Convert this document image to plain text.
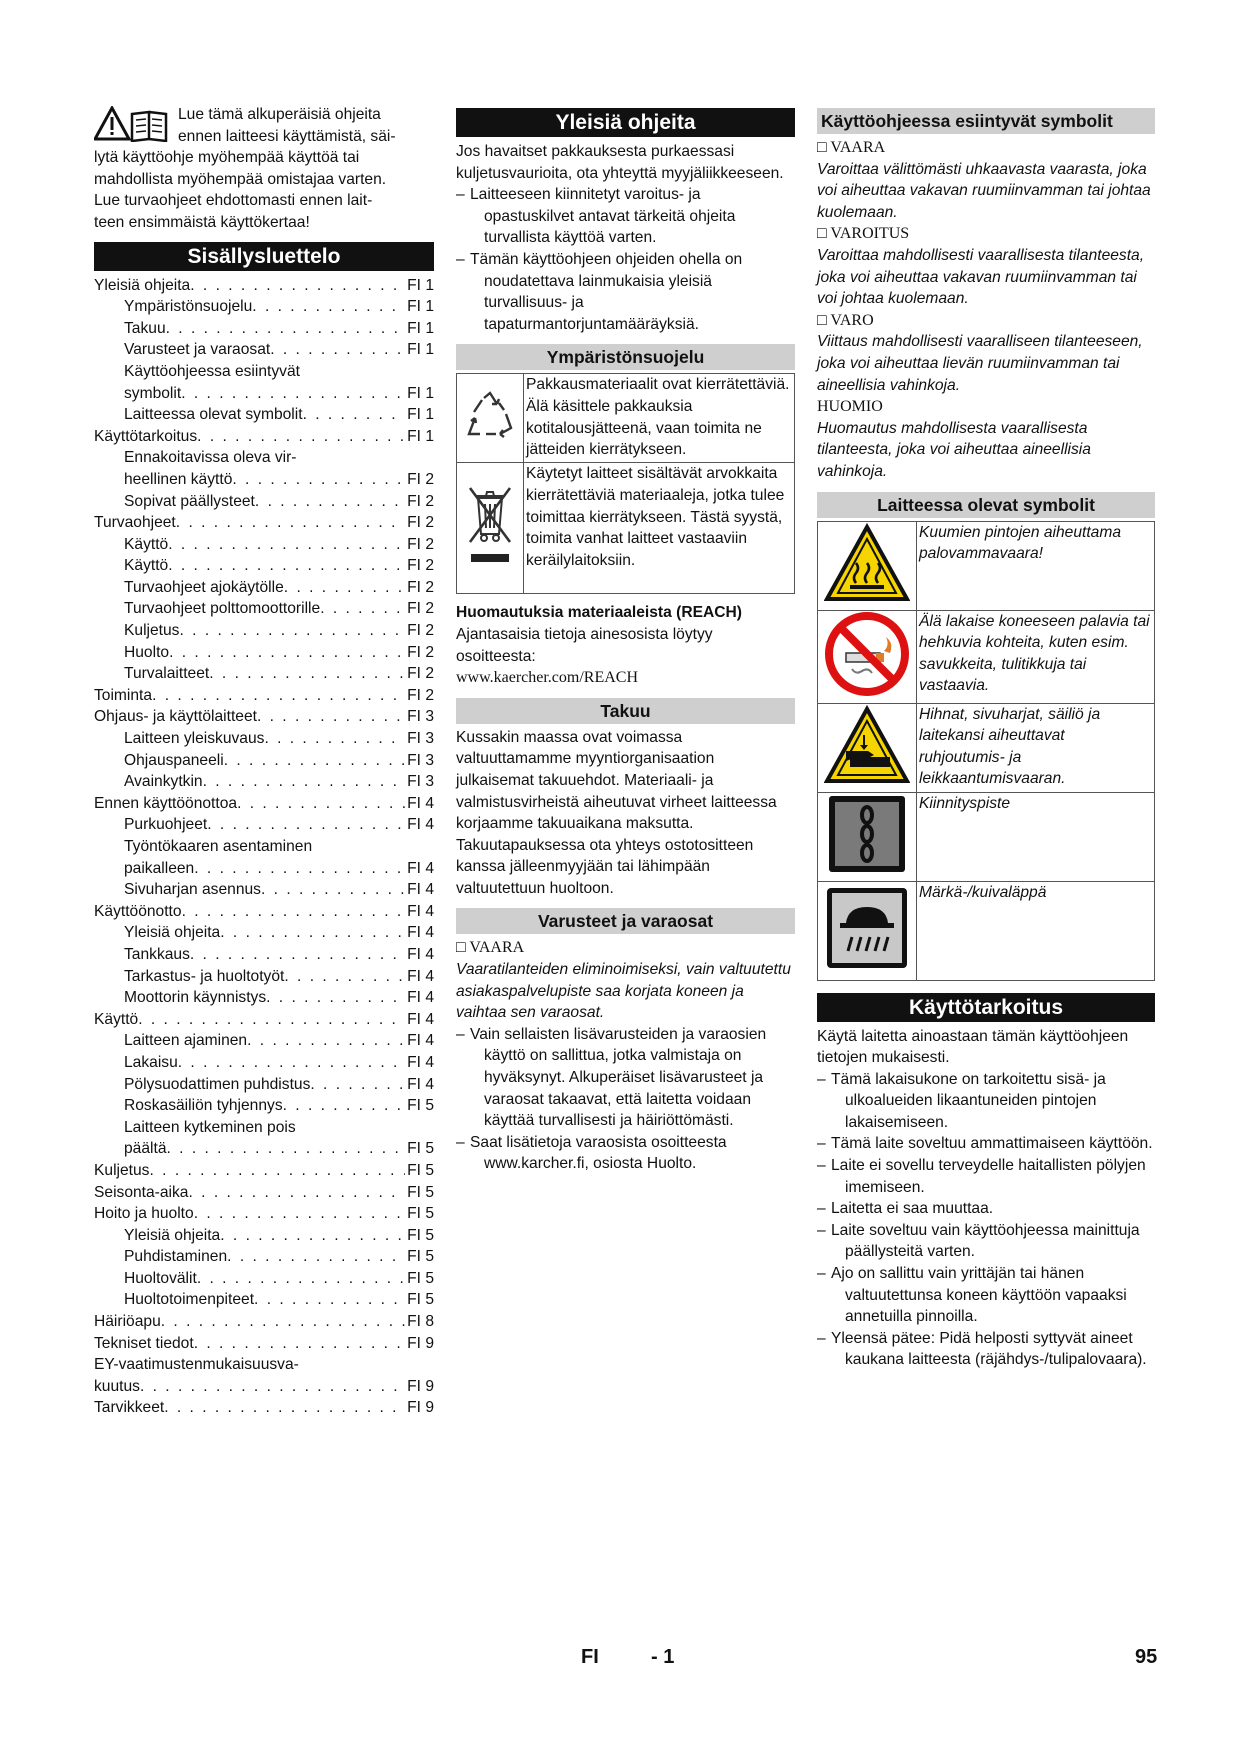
Lue tämä alkuperäisiä ohjeita
ennen laitteesi käyttämistä, säi-
lytä käyttöohje myöhempää käyttöä tai
mahdollista myöhempää omistajaa varten.
Lue turvaohjeet ehdottomasti ennen lait-
teen ensimmäistä käyttökertaa!
Sisällysluettelo
Yleisiä ohjeita . . .	FI 1
Ympäristönsuojelu . . .	FI 1
Takuu . . .	FI 1
Varusteet ja varaosat . . .	FI 1
Käyttöohjeessa esiintyvät
symbolit . . .	FI 1
Laitteessa olevat symbolit . . .	FI 1
Käyttötarkoitus . . .	FI 1
Ennakoitavissa oleva vir-
heellinen käyttö . . .	FI 2
Sopivat päällysteet . . .	FI 2
Turvaohjeet . . .	FI 2
Käyttö . . .	FI 2
Käyttö . . .	FI 2
Turvaohjeet ajokäytölle . . .	FI 2
Turvaohjeet polttomoottorille . . .	FI 2
Kuljetus . . .	FI 2
Huolto . . .	FI 2
Turvalaitteet . . .	FI 2
Toiminta . . .	FI 2
Ohjaus- ja käyttölaitteet . . .	FI 3
Laitteen yleiskuvaus . . .	FI 3
Ohjauspaneeli . . .	FI 3
Avainkytkin . . .	FI 3
Ennen käyttöönottoa . . .	FI 4
Purkuohjeet . . .	FI 4
Työntökaaren asentaminen
paikalleen . . .	FI 4
Sivuharjan asennus . . .	FI 4
Käyttöönotto . . .	FI 4
Yleisiä ohjeita . . .	FI 4
Tankkaus . . .	FI 4
Tarkastus- ja huoltotyöt . . .	FI 4
Moottorin käynnistys . . .	FI 4
Käyttö . . .	FI 4
Laitteen ajaminen . . .	FI 4
Lakaisu . . .	FI 4
Pölysuodattimen puhdistus . . .	FI 4
Roskasäiliön tyhjennys . . .	FI 5
Laitteen kytkeminen pois
päältä . . .	FI 5
Kuljetus . . .	FI 5
Seisonta-aika . . .	FI 5
Hoito ja huolto . . .	FI 5
Yleisiä ohjeita . . .	FI 5
Puhdistaminen . . .	FI 5
Huoltovälit . . .	FI 5
Huoltotoimenpiteet . . .	FI 5
Häiriöapu . . .	FI 8
Tekniset tiedot . . .	FI 9
EY-vaatimustenmukaisuusva-
kuutus . . .	FI 9
Tarvikkeet . . .	FI 9
Yleisiä ohjeita

Jos havaitset pakkauksesta purkaessasi kuljetusvaurioita, ota yhteyttä myyjäliikkeeseen.

– Laitteeseen kiinnitetyt varoitus- ja opastuskilvet antavat tärkeitä ohjeita turvallista käyttöä varten.
– Tämän käyttöohjeen ohjeiden ohella on noudatettava lainmukaisia yleisiä turvallisuus- ja tapaturmantorjuntamääräyksiä.
Ympäristönsuojelu
	Pakkausmateriaalit ovat kierrätettäviä. Älä käsittele pakkauksia kotitalousjätteenä, vaan toimita ne jätteiden kierrätykseen.
	Käytetyt laitteet sisältävät arvokkaita kierrätettäviä materiaaleja, jotka tulee toimittaa kierrätykseen. Tästä syystä, toimita vanhat laitteet vastaaviin keräilylaitoksiin.

Huomautuksia materiaaleista (REACH)

Ajantasaisia tietoja ainesosista löytyy osoitteesta:

www.kaercher.com/REACH

Takuu

Kussakin maassa ovat voimassa valtuuttamamme myyntiorganisaation julkaisemat takuuehdot. Materiaali- ja valmistusvirheistä aiheutuvat virheet laitteessa korjaamme takuuaikana maksutta. Takuutapauksessa ota yhteys ostotositteen kanssa jälleenmyyjään tai lähimpään valtuutettuun huoltoon.

Varusteet ja varaosat

□ VAARA

Vaaratilanteiden eliminoimiseksi, vain valtuutettu asiakaspalvelupiste saa korjata koneen ja vaihtaa sen varaosat.

– Vain sellaisten lisävarusteiden ja varaosien käyttö on sallittua, jotka valmistaja on hyväksynyt. Alkuperäiset lisävarusteet ja varaosat takaavat, että laitetta voidaan käyttää turvallisesti ja häiriöttömästi.
– Saat lisätietoja varaosista osoitteesta www.karcher.fi, osiosta Huolto.
Käyttöohjeessa esiintyvät symbolit

□ VAARA

Varoittaa välittömästi uhkaavasta vaarasta, joka voi aiheuttaa vakavan ruumiinvamman tai johtaa kuolemaan.

□ VAROITUS

Varoittaa mahdollisesti vaarallisesta tilanteesta, joka voi aiheuttaa vakavan ruumiinvamman tai voi johtaa kuolemaan.

□ VARO

Viittaus mahdollisesti vaaralliseen tilanteeseen, joka voi aiheuttaa lievän ruumiinvamman tai aineellisia vahinkoja.

HUOMIO

Huomautus mahdollisesta vaarallisesta tilanteesta, joka voi aiheuttaa aineellisia vahinkoja.

Laitteessa olevat symbolit
	Kuumien pintojen aiheuttama palovammavaara!
	Älä lakaise koneeseen palavia tai hehkuvia kohteita, kuten esim. savukkeita, tulitikkuja tai vastaavia.
	Hihnat, sivuharjat, säiliö ja laitekansi aiheuttavat ruhjoutumis- ja leikkaantumisvaaran.
	Kiinnityspiste
	Märkä-/kuivaläppä
Käyttötarkoitus

Käytä laitetta ainoastaan tämän käyttöohjeen tietojen mukaisesti.

– Tämä lakaisukone on tarkoitettu sisä- ja ulkoalueiden likaantuneiden pintojen lakaisemiseen.
– Tämä laite soveltuu ammattimaiseen käyttöön.
– Laite ei sovellu terveydelle haitallisten pölyjen imemiseen.
– Laitetta ei saa muuttaa.
– Laite soveltuu vain käyttöohjeessa mainittuja päällysteitä varten.
– Ajo on sallittu vain yrittäjän tai hänen valtuutettunsa koneen käyttöön vapaaksi annetuilla pinnoilla.
– Yleensä pätee: Pidä helposti syttyvät aineet kaukana laitteesta (räjähdys-/tulipalovaara).
FI	- 1	95
